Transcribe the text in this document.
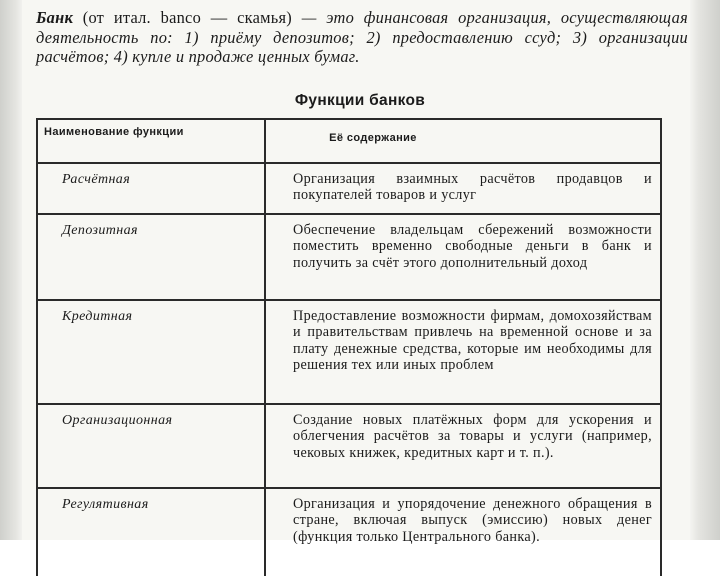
Банк (от итал. banco — скамья) — это финансовая организация, осуществляющая деятельность по: 1) приёму депозитов; 2) предоставлению ссуд; 3) организации расчётов; 4) купле и продаже ценных бумаг.

Функции банков
Наименование функции	Её содержание

Расчётная	Организация взаимных расчётов продавцов и покупателей товаров и услуг
Депозитная	Обеспечение владельцам сбережений возможности поместить временно свободные деньги в банк и получить за счёт этого дополнительный доход
Кредитная	Предоставление возможности фирмам, домохозяйствам и правительствам привлечь на временной основе и за плату денежные средства, которые им необходимы для решения тех или иных проблем
Организационная	Создание новых платёжных форм для ускорения и облегчения расчётов за товары и услуги (например, чековых книжек, кредитных карт и т. п.).
Регулятивная	Организация и упорядочение денежного обращения в стране, включая выпуск (эмиссию) новых денег (функция только Центрального банка).
